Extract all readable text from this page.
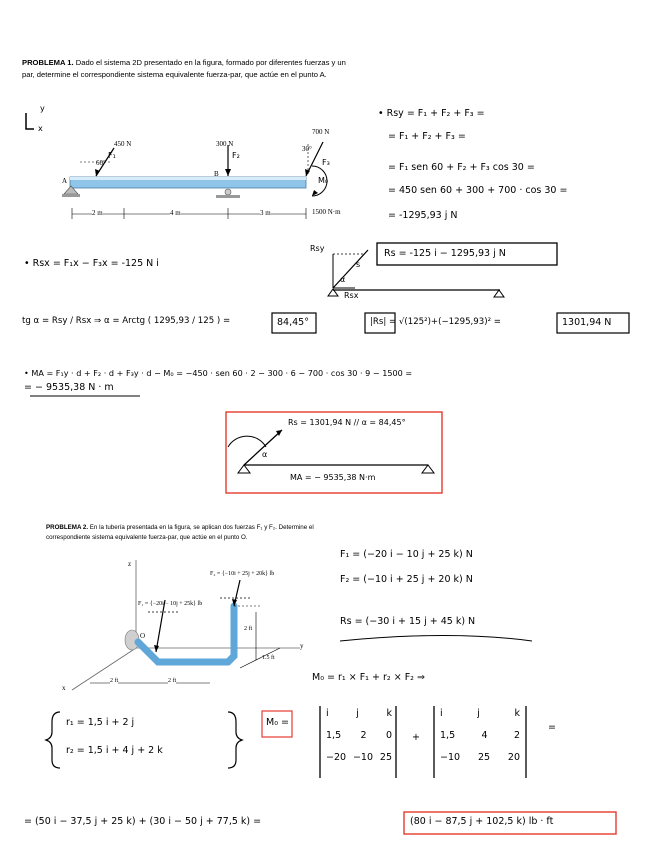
PROBLEMA 1. Dado el sistema 2D presentado en la figura, formado por diferentes fuerzas y un
par, determine el correspondiente sistema equivalente fuerza-par, que actúe en el punto A.
y
x
450 N
F₁
60°
300 N
F₂
700 N
F₃
30°
A
B
M₀
1500 N·m
2 m	4 m	3 m
• Rsy = F₁ + F₂ + F₃ =
= F₁ + F₂ + F₃ =
= F₁ sen 60 + F₂ + F₃ cos 30 =
= 450 sen 60 + 300 + 700 · cos 30 =
= -1295,93 j N
• Rsx = F₁x − F₃x = -125 N i
Rsy
Rsx
α
s
Rs = -125 i − 1295,93 j N
tg α = Rsy / Rsx ⇒ α = Arctg ( 1295,93 / 125 ) =	84,45°	|Rs| = √(125²)+(−1295,93)² =	1301,94 N
• MA = F₁y · d + F₂ · d + F₃y · d − M₀ = −450 · sen 60 · 2 − 300 · 6 − 700 · cos 30 · 9 − 1500 =
= − 9535,38 N · m
Rs = 1301,94 N // α = 84,45°
α
MA = − 9535,38 N·m
PROBLEMA 2. En la tubería presentada en la figura, se aplican dos fuerzas F₁ y F₂. Determine el
correspondiente sistema equivalente fuerza-par, que actúe en el punto O.
F₂ = {−10i + 25j + 20k} lb
F₁ = {−20i − 10j + 25k} lb
z
y
x
O
2 ft
1.5 ft
2 ft	2 ft
F₁ = (−20 i − 10 j + 25 k) N
F₂ = (−10 i + 25 j + 20 k) N
Rs = (−30 i + 15 j + 45 k) N
M₀ = r₁ × F₁ + r₂ × F₂ ⇒
r₁ = 1,5 i + 2 j
r₂ = 1,5 i + 4 j + 2 k
M₀ =
i	j	k
1,5 2 0
−20 −10 25
+
i	j	k
1,5	4	2
−10 25 20
=
= (50 i − 37,5 j + 25 k) + (30 i − 50 j + 77,5 k) =	(80 i − 87,5 j + 102,5 k) lb · ft
